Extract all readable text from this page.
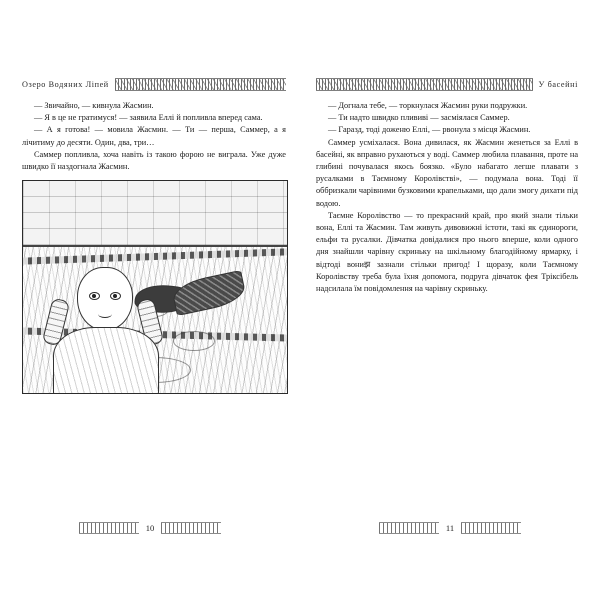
Озеро Водяних Ліпей

— Звичайно, — кивнула Жасмин.

— Я в це не гратимуся! — заявила Еллі й попливла вперед сама.

— А я готова! — мовила Жасмин. — Ти — перша, Саммер, а я лічитиму до десяти. Один, два, три…

Саммер попливла, хоча навіть із такою форою не виграла. Уже дуже швидко її наздогнала Жасмин.

10
У басейні

— Догнала тебе, — торкнулася Жасмин руки подружки.

— Ти надто швидко плививі — засміялася Саммер.

— Гаразд, тоді доженю Еллі, — рвонула з місця Жасмин.

Саммер усміхалася. Вона дивилася, як Жасмин женеться за Еллі в басейні, як вправно рухаються у воді. Саммер любила плавання, проте на глибині почувалася якось боязко. «Було набагато легше плавати з русалками в Таємному Королівстві», — подумала вона. Тоді її оббризкали чарівними бузковими крапельками, що дали змогу дихати під водою.

Таємне Королівство — то прекрасний край, про який знали тільки вона, Еллі та Жасмин. Там живуть дивовижні істоти, такі як єдинороги, ельфи та русалки. Дівчатка довідалися про нього вперше, коли одного дня знайшли чарівну скриньку на шкільному благодійному ярмарку, і відтоді вониझ зазнали стільки пригод! І щоразу, коли Таємному Королівству треба була їхня допомога, подруга дівчаток фея Тріксібель надсилала їм повідомлення на чарівну скриньку.

11
